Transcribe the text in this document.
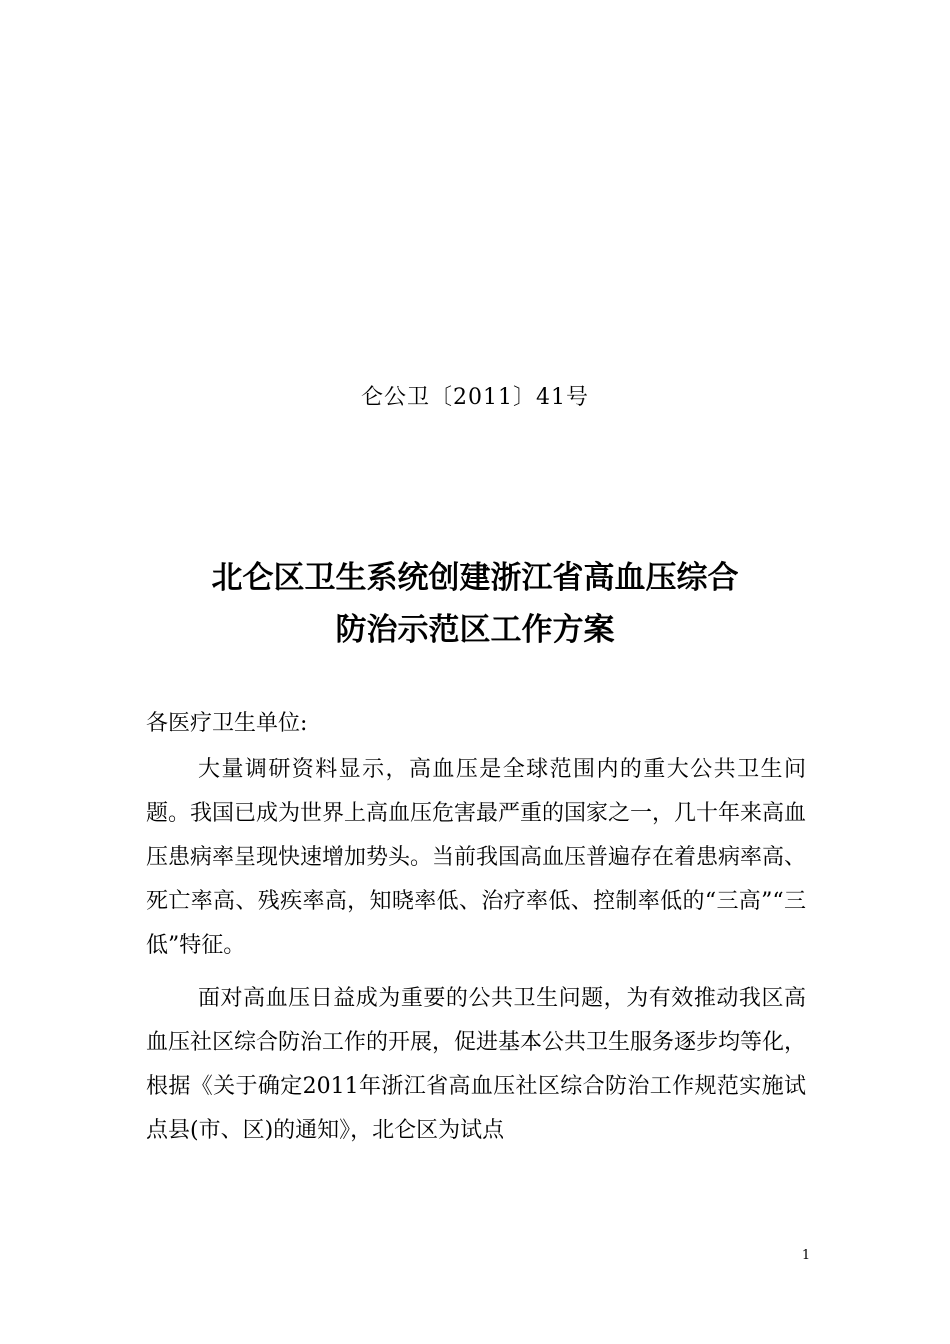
仑公卫〔2011〕41号
北仑区卫生系统创建浙江省高血压综合
防治示范区工作方案

各医疗卫生单位:

大量调研资料显示，高血压是全球范围内的重大公共卫生问题。我国已成为世界上高血压危害最严重的国家之一，几十年来高血压患病率呈现快速增加势头。当前我国高血压普遍存在着患病率高、死亡率高、残疾率高，知晓率低、治疗率低、控制率低的“三高”“三低”特征。

面对高血压日益成为重要的公共卫生问题，为有效推动我区高血压社区综合防治工作的开展，促进基本公共卫生服务逐步均等化，根据《关于确定2011年浙江省高血压社区综合防治工作规范实施试点县(市、区)的通知》，北仑区为试点

1
